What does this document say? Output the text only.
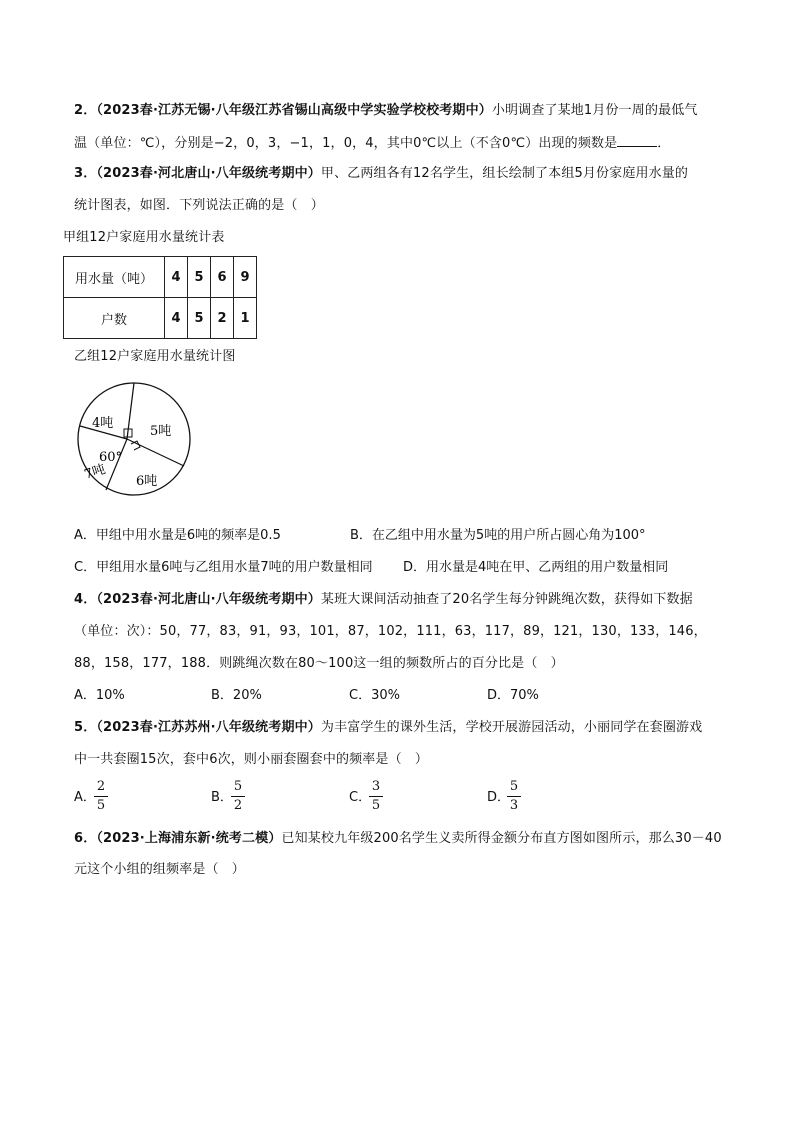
2．（2023春·江苏无锡·八年级江苏省锡山高级中学实验学校校考期中）小明调查了某地1月份一周的最低气
温（单位：℃），分别是−2，0，3，−1，1，0，4，其中0℃以上（不含0℃）出现的频数是	．
3．（2023春·河北唐山·八年级统考期中）甲、乙两组各有12名学生，组长绘制了本组5月份家庭用水量的
统计图表，如图．下列说法正确的是（　）
甲组12户家庭用水量统计表
用水量（吨）	4	5	6	9
户数	4	5	2	1
乙组12户家庭用水量统计图
4吨
5吨
6吨
7吨
60°
A．甲组中用水量是6吨的频率是0.5	B．在乙组中用水量为5吨的用户所占圆心角为100°
C．甲组用水量6吨与乙组用水量7吨的用户数量相同 D．用水量是4吨在甲、乙两组的用户数量相同
4．（2023春·河北唐山·八年级统考期中）某班大课间活动抽查了20名学生每分钟跳绳次数，获得如下数据
（单位：次）：50，77，83，91，93，101，87，102，111，63，117，89，121，130，133，146，
88，158，177，188．则跳绳次数在80～100这一组的频数所占的百分比是（　）
A．10%	B．20%	C．30%	D．70%
5．（2023春·江苏苏州·八年级统考期中）为丰富学生的课外生活，学校开展游园活动，小丽同学在套圈游戏
中一共套圈15次，套中6次，则小丽套圈套中的频率是（　）
A．
2
5
B．
5
2
C．
3
5
D．
5
3
6．（2023·上海浦东新·统考二模）已知某校九年级200名学生义卖所得金额分布直方图如图所示，那么30－40
元这个小组的组频率是（　）
